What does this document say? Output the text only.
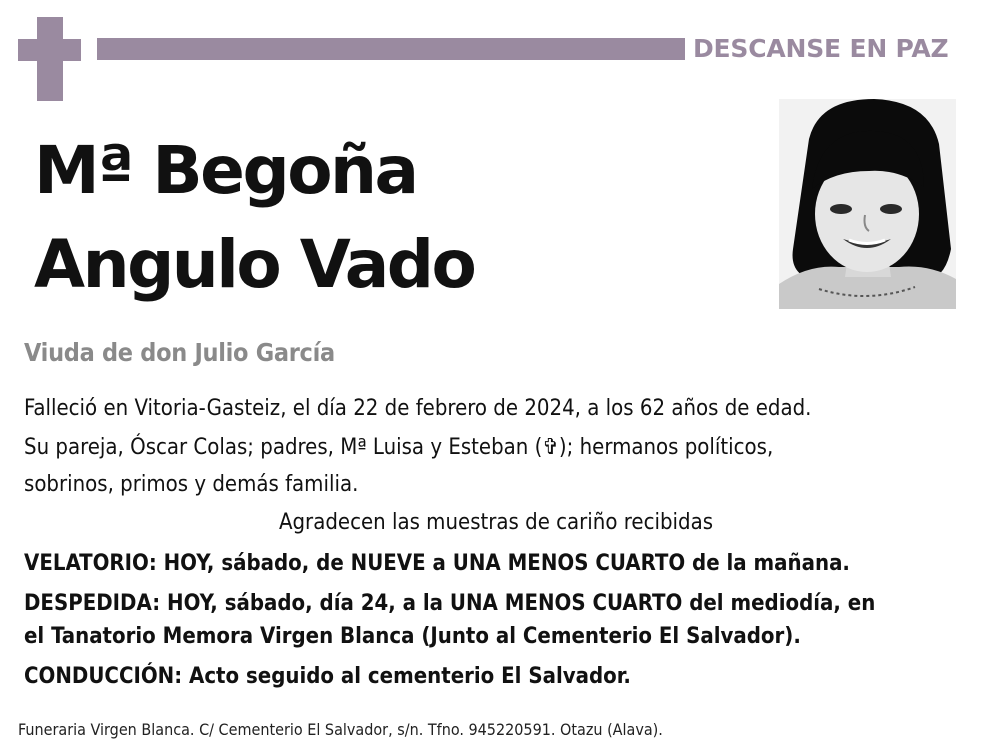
DESCANSE EN PAZ
Mª Begoña
Angulo Vado
Viuda de don Julio García
Falleció en Vitoria-Gasteiz, el día 22 de febrero de 2024, a los 62 años de edad.
Su pareja, Óscar Colas; padres, Mª Luisa y Esteban (✞); hermanos políticos,
sobrinos, primos y demás familia.
Agradecen las muestras de cariño recibidas
VELATORIO: HOY, sábado, de NUEVE a UNA MENOS CUARTO de la mañana.
DESPEDIDA: HOY, sábado, día 24, a la UNA MENOS CUARTO del mediodía, en
el Tanatorio Memora Virgen Blanca (Junto al Cementerio El Salvador).
CONDUCCIÓN: Acto seguido al cementerio El Salvador.
Funeraria Virgen Blanca. C/ Cementerio El Salvador, s/n. Tfno. 945220591. Otazu (Alava).
